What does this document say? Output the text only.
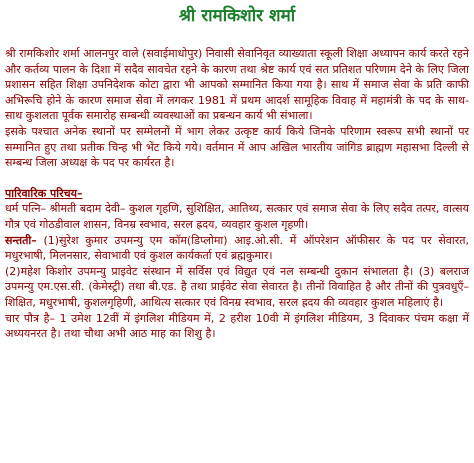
श्री रामकिशोर शर्मा

श्री रामकिशोर शर्मा आलनपुर वाले (सवाईमाधोपुर) निवासी सेवानिवृत व्याख्याता स्कूली शिक्षा अध्यापन कार्य करते रहने और कर्तव्य पालन के दिशा में सदैव सावचेत रहने के कारण तथा श्रेष्ट कार्य एवं सत प्रतिशत परिणाम देने के लिए जिला प्रशासन सहित शिक्षा उपनिदेशक कोटा द्वारा भी आपको सम्मानित किया गया है। साथ में समाज सेवा के प्रति काफी अभिरूचि होने के कारण समाज सेवा में लगकर 1981 में प्रथम आदर्श सामूहिक विवाह में महामंत्री के पद के साथ-साथ कुशलता पूर्वक समारोह सम्बन्धी व्यवस्थाओं का प्रबन्धन कार्य भी संभाला।

इसके पश्चात अनेक स्थानों पर सम्मेलनों में भाग लेकर उत्कृष्ट कार्य किये जिनके परिणाम स्वरूप सभी स्थानों पर सम्मानित हुए तथा प्रतीक चिन्ह भी भेंट किये गये। वर्तमान में आप अखिल भारतीय जांगिड ब्राह्मण महासभा दिल्ली से सम्बन्ध जिला अध्यक्ष के पद पर कार्यरत है।

पारिवारिक परिचय–

धर्म पत्नि– श्रीमती बदाम देवी– कुशल गृहणि, सुशिक्षित, आतिथ्य, सत्कार एवं समाज सेवा के लिए सदैव तत्पर, वात्सय गौत्र एवं गोठडीवाल शासन, विनम्र स्वभाव, सरल ह्रदय, व्यवहार कुशल गृहणी।

सन्तती– (1)सुरेश कुमार उपमन्यु एम कॉम(डिप्लोमा) आइ.ओ.सी. में ऑपरेशन ऑफीसर के पद पर सेवारत, मधुरभाषी, मिलनसार, सेवाभावी एवं कुशल कार्यकर्ता एवं ब्रह्मकुमार।

(2)महेश किशोर उपमन्यु प्राइवेट संस्थान में सर्विस एवं विद्युत एवं नल सम्बन्धी दुकान संभालता है। (3) बलराज उपमन्यु एम.एस.सी. (केमेस्ट्री) तथा बी.एड. है तथा प्राईवेट सेवा सेवारत है। तीनों विवाहित है और तीनों की पुत्रवधुएँ–शिक्षित, मधुरभाषी, कुशलगृहिणी, आथित्य सत्कार एवं विनम्र स्वभाव, सरल ह्रदय की व्यवहार कुशल महिलाएं है।

चार पौत्र है– 1 उमेश 12वीं में इंगलिश मीडियम में, 2 हरीश 10वी में इंगलिश मीडियम, 3 दिवाकर पंचम कक्षा में अध्ययनरत है। तथा चौथा अभी आठ माह का शिशु है।
